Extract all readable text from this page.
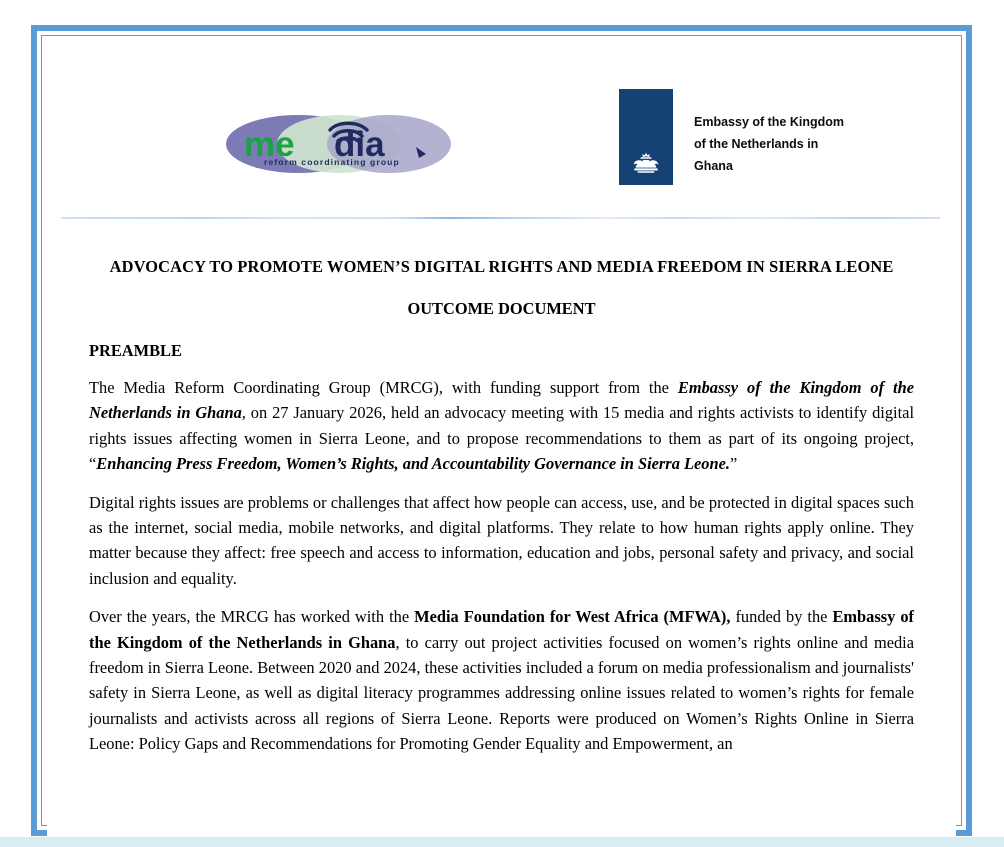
me dia
reform coordinating group
Embassy of the Kingdom
of the Netherlands in
Ghana
ADVOCACY TO PROMOTE WOMEN’S DIGITAL RIGHTS AND MEDIA FREEDOM IN SIERRA LEONE
OUTCOME DOCUMENT
PREAMBLE

The Media Reform Coordinating Group (MRCG), with funding support from the Embassy of the Kingdom of the Netherlands in Ghana, on 27 January 2026, held an advocacy meeting with 15 media and rights activists to identify digital rights issues affecting women in Sierra Leone, and to propose recommendations to them as part of its ongoing project, “Enhancing Press Freedom, Women’s Rights, and Accountability Governance in Sierra Leone.”

Digital rights issues are problems or challenges that affect how people can access, use, and be protected in digital spaces such as the internet, social media, mobile networks, and digital platforms. They relate to how human rights apply online. They matter because they affect: free speech and access to information, education and jobs, personal safety and privacy, and social inclusion and equality.

Over the years, the MRCG has worked with the Media Foundation for West Africa (MFWA), funded by the Embassy of the Kingdom of the Netherlands in Ghana, to carry out project activities focused on women’s rights online and media freedom in Sierra Leone. Between 2020 and 2024, these activities included a forum on media professionalism and journalists' safety in Sierra Leone, as well as digital literacy programmes addressing online issues related to women’s rights for female journalists and activists across all regions of Sierra Leone. Reports were produced on Women’s Rights Online in Sierra Leone: Policy Gaps and Recommendations for Promoting Gender Equality and Empowerment, an
